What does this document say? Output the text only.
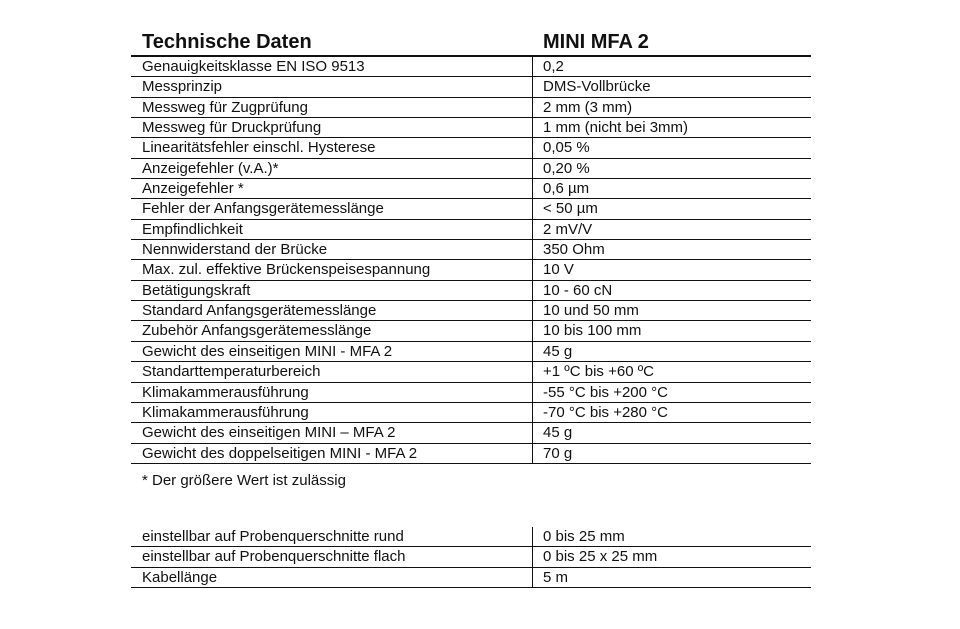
Technische Daten	MINI MFA 2
Genauigkeitsklasse EN ISO 9513	0,2
Messprinzip	DMS-Vollbrücke
Messweg für Zugprüfung	2 mm (3 mm)
Messweg für Druckprüfung	1 mm (nicht bei 3mm)
Linearitätsfehler einschl. Hysterese	0,05 %
Anzeigefehler (v.A.)*	0,20 %
Anzeigefehler *	0,6 µm
Fehler der Anfangsgerätemesslänge	< 50 µm
Empfindlichkeit	2 mV/V
Nennwiderstand der Brücke	350 Ohm
Max. zul. effektive Brückenspeisespannung	10 V
Betätigungskraft	10 - 60 cN
Standard Anfangsgerätemesslänge	10 und 50 mm
Zubehör Anfangsgerätemesslänge	10 bis 100 mm
Gewicht des einseitigen MINI - MFA 2	45 g
Standarttemperaturbereich	+1 ºC bis +60 ºC
Klimakammerausführung	-55 °C bis +200 °C
Klimakammerausführung	-70 °C bis +280 °C
Gewicht des einseitigen MINI – MFA 2	45 g
Gewicht des doppelseitigen MINI - MFA 2	70 g
* Der größere Wert ist zulässig
einstellbar auf Probenquerschnitte rund	0 bis 25 mm
einstellbar auf Probenquerschnitte flach	0 bis 25 x 25 mm
Kabellänge	5 m
